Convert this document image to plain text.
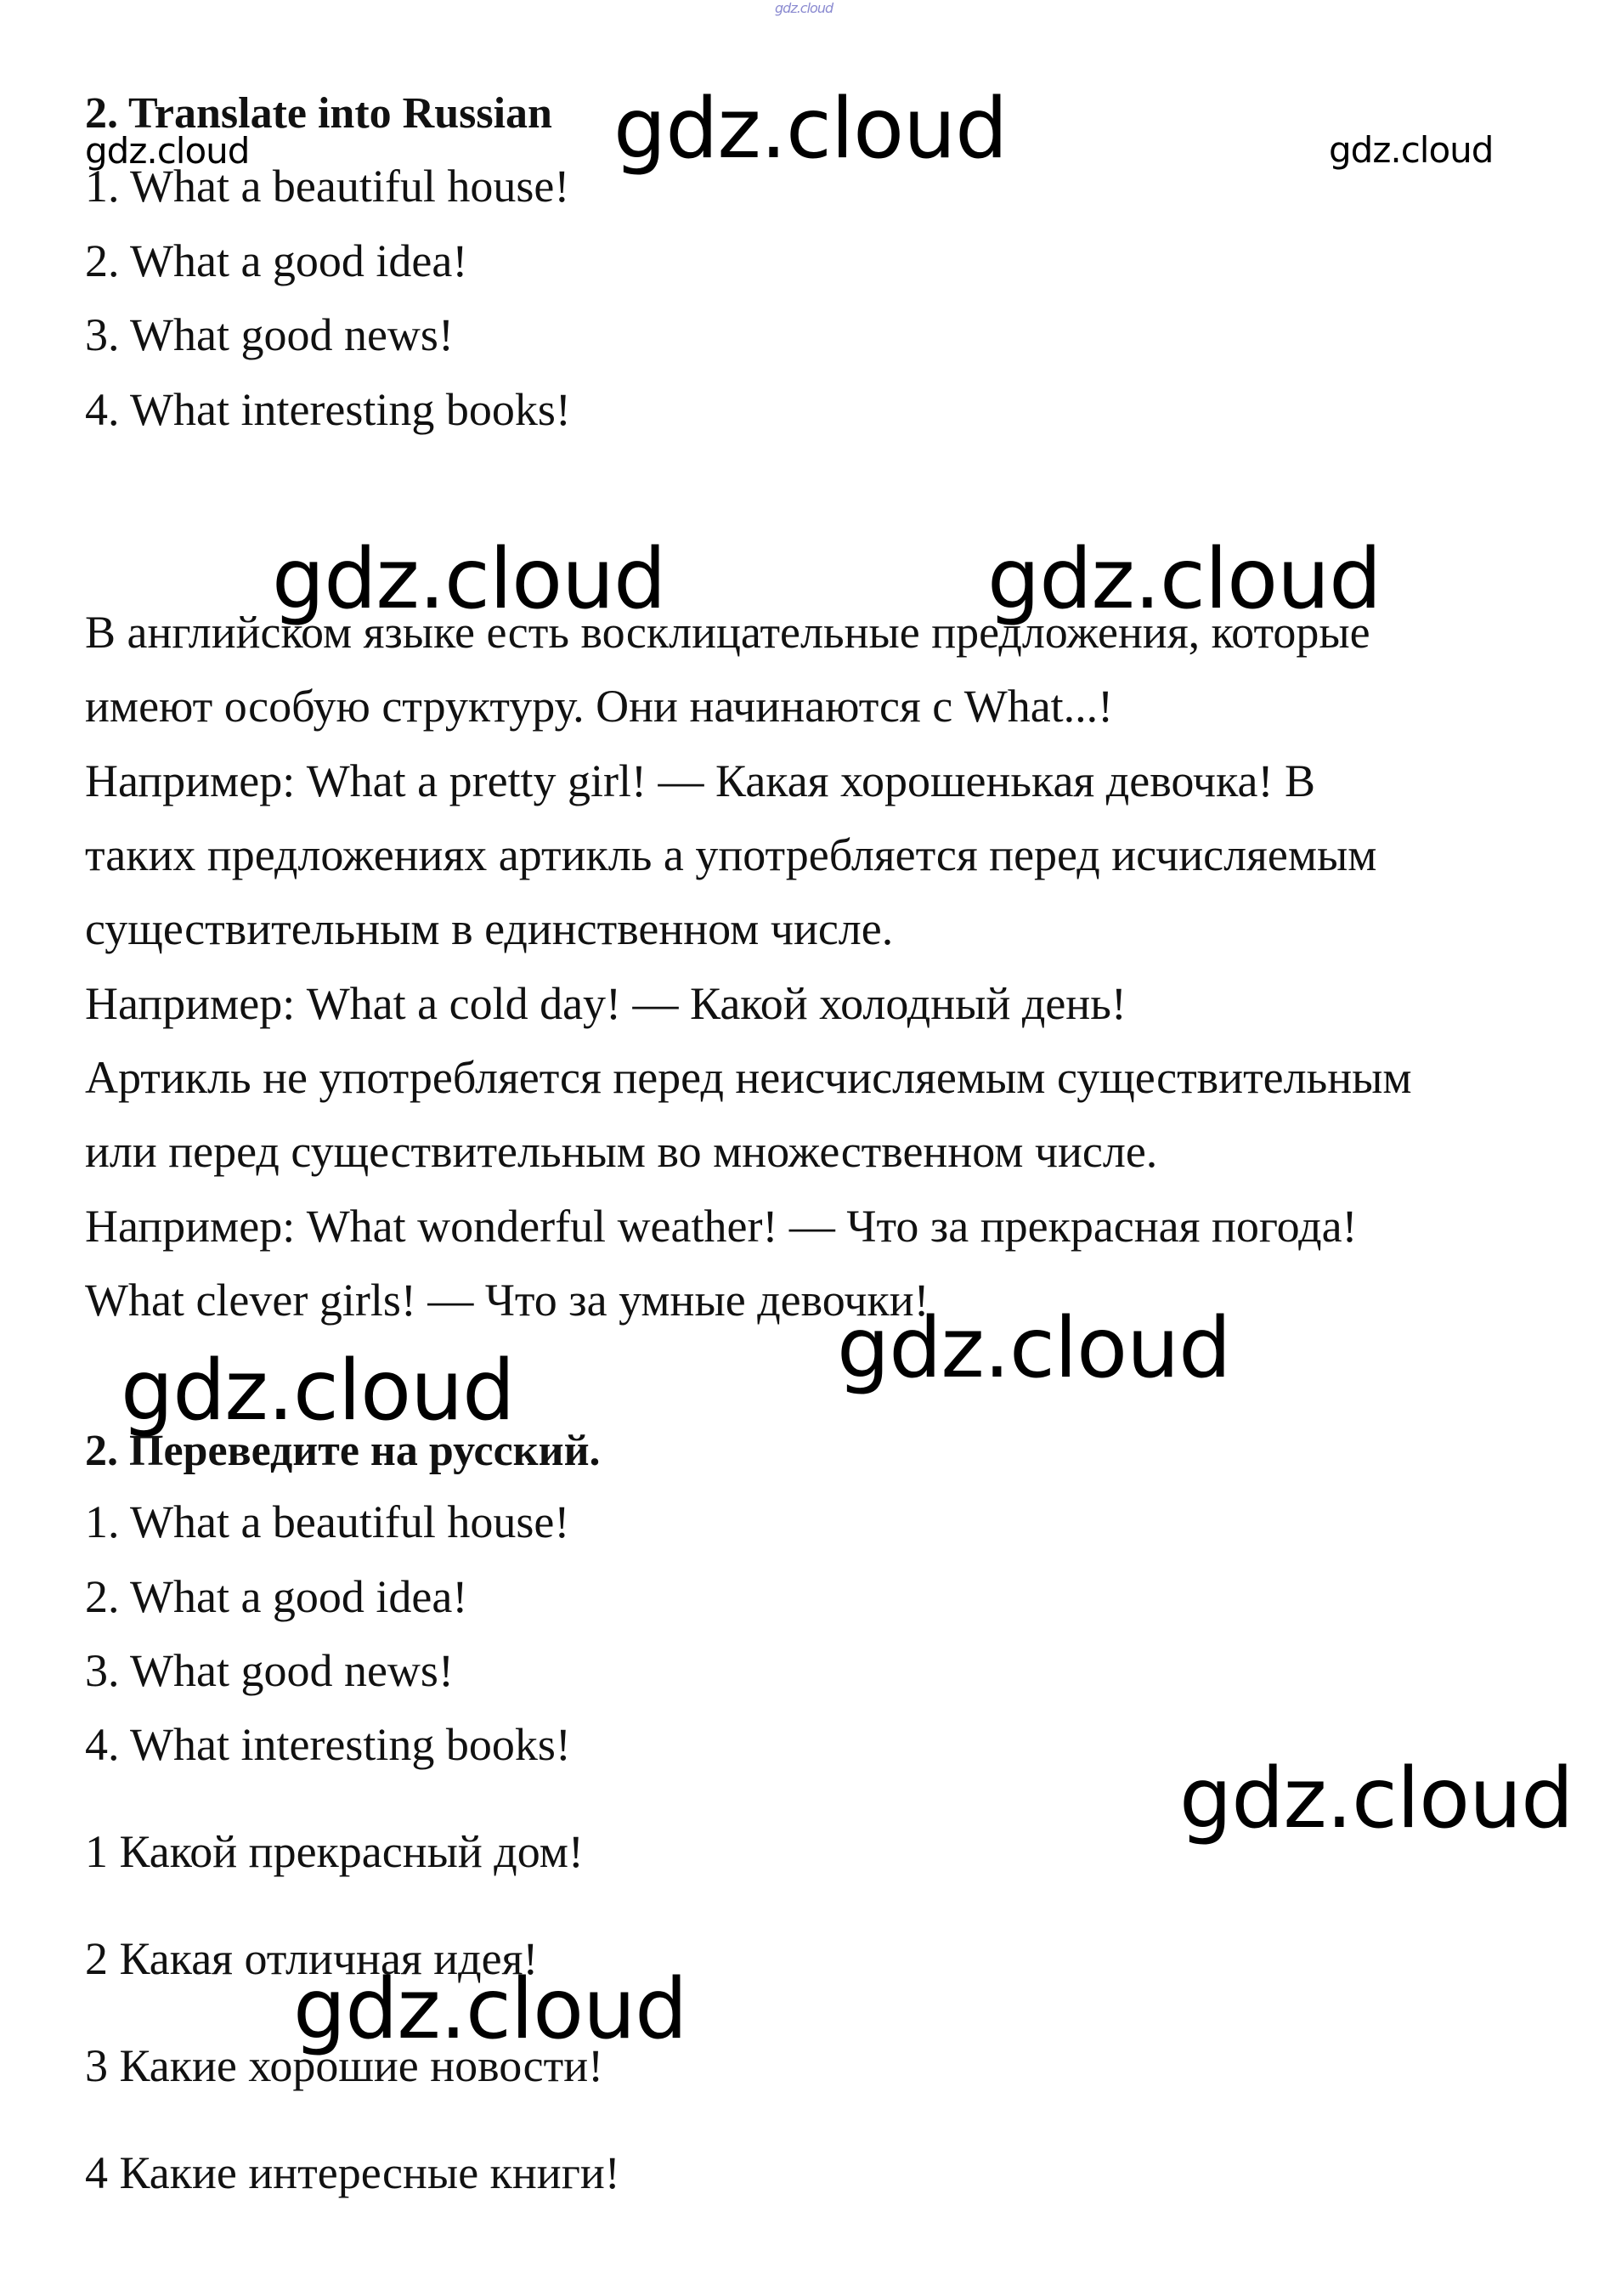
gdz.cloud
2. Translate into Russian
1. What a beautiful house!
2. What a good idea!
3. What good news!
4. What interesting books!
В английском языке есть восклицательные предложения, которые
имеют особую структуру. Они начинаются с What...!
Например: What a pretty girl! — Какая хорошенькая девочка! В
таких предложениях артикль а употребляется перед исчисляемым
существительным в единственном числе.
Например: What a cold day! — Какой холодный день!
Артикль не употребляется перед неисчисляемым существительным
или перед существительным во множественном числе.
Например: What wonderful weather! — Что за прекрасная погода!
What clever girls! — Что за умные девочки!
2. Переведите на русский.
1. What a beautiful house!
2. What a good idea!
3. What good news!
4. What interesting books!
1 Какой прекрасный дом!
2 Какая отличная идея!
3 Какие хорошие новости!
4 Какие интересные книги!
gdz.cloud	gdz.cloud
gdz.cloud
gdz.cloud	gdz.cloud
gdz.cloud
gdz.cloud
gdz.cloud
gdz.cloud
